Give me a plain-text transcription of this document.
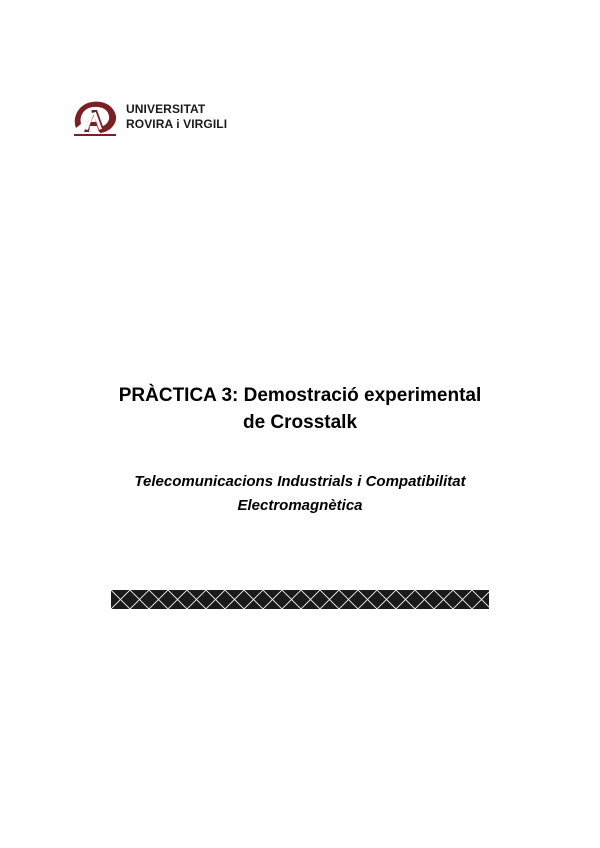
UNIVERSITAT
ROVIRA i VIRGILI
PRÀCTICA 3: Demostració experimental
de Crosstalk
Telecomunicacions Industrials i Compatibilitat
Electromagnètica
